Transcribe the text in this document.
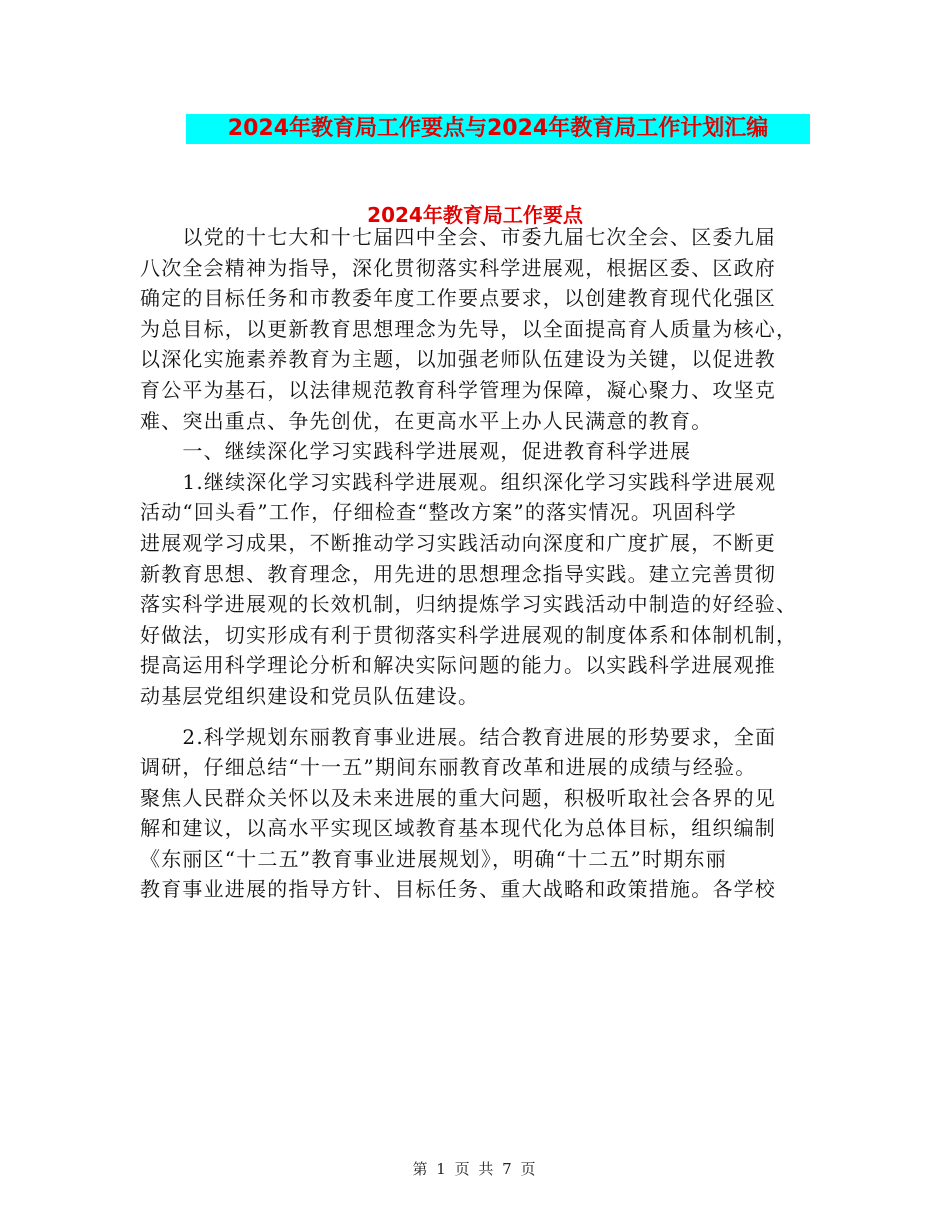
2024年教育局工作要点与2024年教育局工作计划汇编
2024年教育局工作要点
　　以党的十七大和十七届四中全会、市委九届七次全会、区委九届
八次全会精神为指导，深化贯彻落实科学进展观，根据区委、区政府
确定的目标任务和市教委年度工作要点要求，以创建教育现代化强区
为总目标，以更新教育思想理念为先导，以全面提高育人质量为核心，
以深化实施素养教育为主题，以加强老师队伍建设为关键，以促进教
育公平为基石，以法律规范教育科学管理为保障，凝心聚力、攻坚克
难、突出重点、争先创优，在更高水平上办人民满意的教育。
　　一、继续深化学习实践科学进展观，促进教育科学进展
　　1.继续深化学习实践科学进展观。组织深化学习实践科学进展观
活动“回头看”工作，仔细检查“整改方案”的落实情况。巩固科学
进展观学习成果，不断推动学习实践活动向深度和广度扩展，不断更
新教育思想、教育理念，用先进的思想理念指导实践。建立完善贯彻
落实科学进展观的长效机制，归纳提炼学习实践活动中制造的好经验、
好做法，切实形成有利于贯彻落实科学进展观的制度体系和体制机制，
提高运用科学理论分析和解决实际问题的能力。以实践科学进展观推
动基层党组织建设和党员队伍建设。
　　2.科学规划东丽教育事业进展。结合教育进展的形势要求，全面
调研，仔细总结“十一五”期间东丽教育改革和进展的成绩与经验。
聚焦人民群众关怀以及未来进展的重大问题，积极听取社会各界的见
解和建议，以高水平实现区域教育基本现代化为总体目标，组织编制
《东丽区“十二五”教育事业进展规划》，明确“十二五”时期东丽
教育事业进展的指导方针、目标任务、重大战略和政策措施。各学校
第 1 页 共 7 页
